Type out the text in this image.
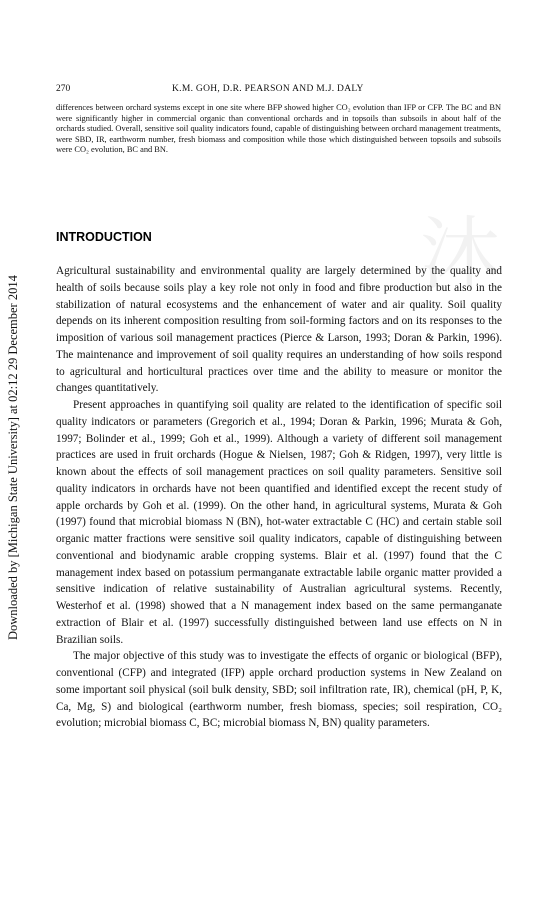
Downloaded by [Michigan State University] at 02:12 29 December 2014
沐
270	K.M. GOH, D.R. PEARSON AND M.J. DALY
differences between orchard systems except in one site where BFP showed higher CO₂ evolution than IFP or CFP. The BC and BN were significantly higher in commercial organic than conventional orchards and in topsoils than subsoils in about half of the orchards studied. Overall, sensitive soil quality indicators found, capable of distinguishing between orchard management treatments, were SBD, IR, earthworm number, fresh biomass and composition while those which distinguished between topsoils and subsoils were CO₂ evolution, BC and BN.
INTRODUCTION

Agricultural sustainability and environmental quality are largely determined by the quality and health of soils because soils play a key role not only in food and fibre production but also in the stabilization of natural ecosystems and the enhancement of water and air quality. Soil quality depends on its inherent composition resulting from soil-forming factors and on its responses to the imposition of various soil management practices (Pierce & Larson, 1993; Doran & Parkin, 1996). The maintenance and improvement of soil quality requires an understanding of how soils respond to agricultural and horticultural practices over time and the ability to measure or monitor the changes quantitatively.

Present approaches in quantifying soil quality are related to the identification of specific soil quality indicators or parameters (Gregorich et al., 1994; Doran & Parkin, 1996; Murata & Goh, 1997; Bolinder et al., 1999; Goh et al., 1999). Although a variety of different soil management practices are used in fruit orchards (Hogue & Nielsen, 1987; Goh & Ridgen, 1997), very little is known about the effects of soil management practices on soil quality parameters. Sensitive soil quality indicators in orchards have not been quantified and identified except the recent study of apple orchards by Goh et al. (1999). On the other hand, in agricultural systems, Murata & Goh (1997) found that microbial biomass N (BN), hot-water extractable C (HC) and certain stable soil organic matter fractions were sensitive soil quality indicators, capable of distinguishing between conventional and biodynamic arable cropping systems. Blair et al. (1997) found that the C management index based on potassium permanganate extractable labile organic matter provided a sensitive indication of relative sustainability of Australian agricultural systems. Recently, Westerhof et al. (1998) showed that a N management index based on the same permanganate extraction of Blair et al. (1997) successfully distinguished between land use effects on N in Brazilian soils.

The major objective of this study was to investigate the effects of organic or biological (BFP), conventional (CFP) and integrated (IFP) apple orchard production systems in New Zealand on some important soil physical (soil bulk density, SBD; soil infiltration rate, IR), chemical (pH, P, K, Ca, Mg, S) and biological (earthworm number, fresh biomass, species; soil respiration, CO₂ evolution; microbial biomass C, BC; microbial biomass N, BN) quality parameters.
